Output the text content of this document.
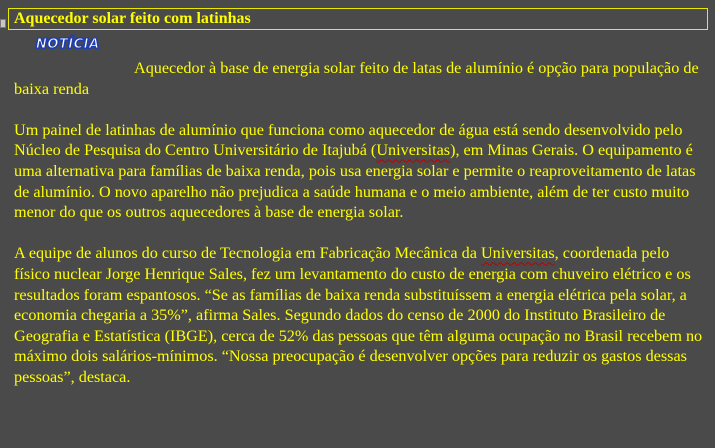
Aquecedor solar feito com latinhas
NOTÍCIA

Aquecedor à base de energia solar feito de latas de alumínio é opção para população de baixa renda

Um painel de latinhas de alumínio que funciona como aquecedor de água está sendo desenvolvido pelo Núcleo de Pesquisa do Centro Universitário de Itajubá (Universitas), em Minas Gerais. O equipamento é uma alternativa para famílias de baixa renda, pois usa energia solar e permite o reaproveitamento de latas de alumínio. O novo aparelho não prejudica a saúde humana e o meio ambiente, além de ter custo muito menor do que os outros aquecedores à base de energia solar.

A equipe de alunos do curso de Tecnologia em Fabricação Mecânica da Universitas, coordenada pelo físico nuclear Jorge Henrique Sales, fez um levantamento do custo de energia com chuveiro elétrico e os resultados foram espantosos. “Se as famílias de baixa renda substituíssem a energia elétrica pela solar, a economia chegaria a 35%”, afirma Sales. Segundo dados do censo de 2000 do Instituto Brasileiro de Geografia e Estatística (IBGE), cerca de 52% das pessoas que têm alguma ocupação no Brasil recebem no máximo dois salários-mínimos. “Nossa preocupação é desenvolver opções para reduzir os gastos dessas pessoas”, destaca.
